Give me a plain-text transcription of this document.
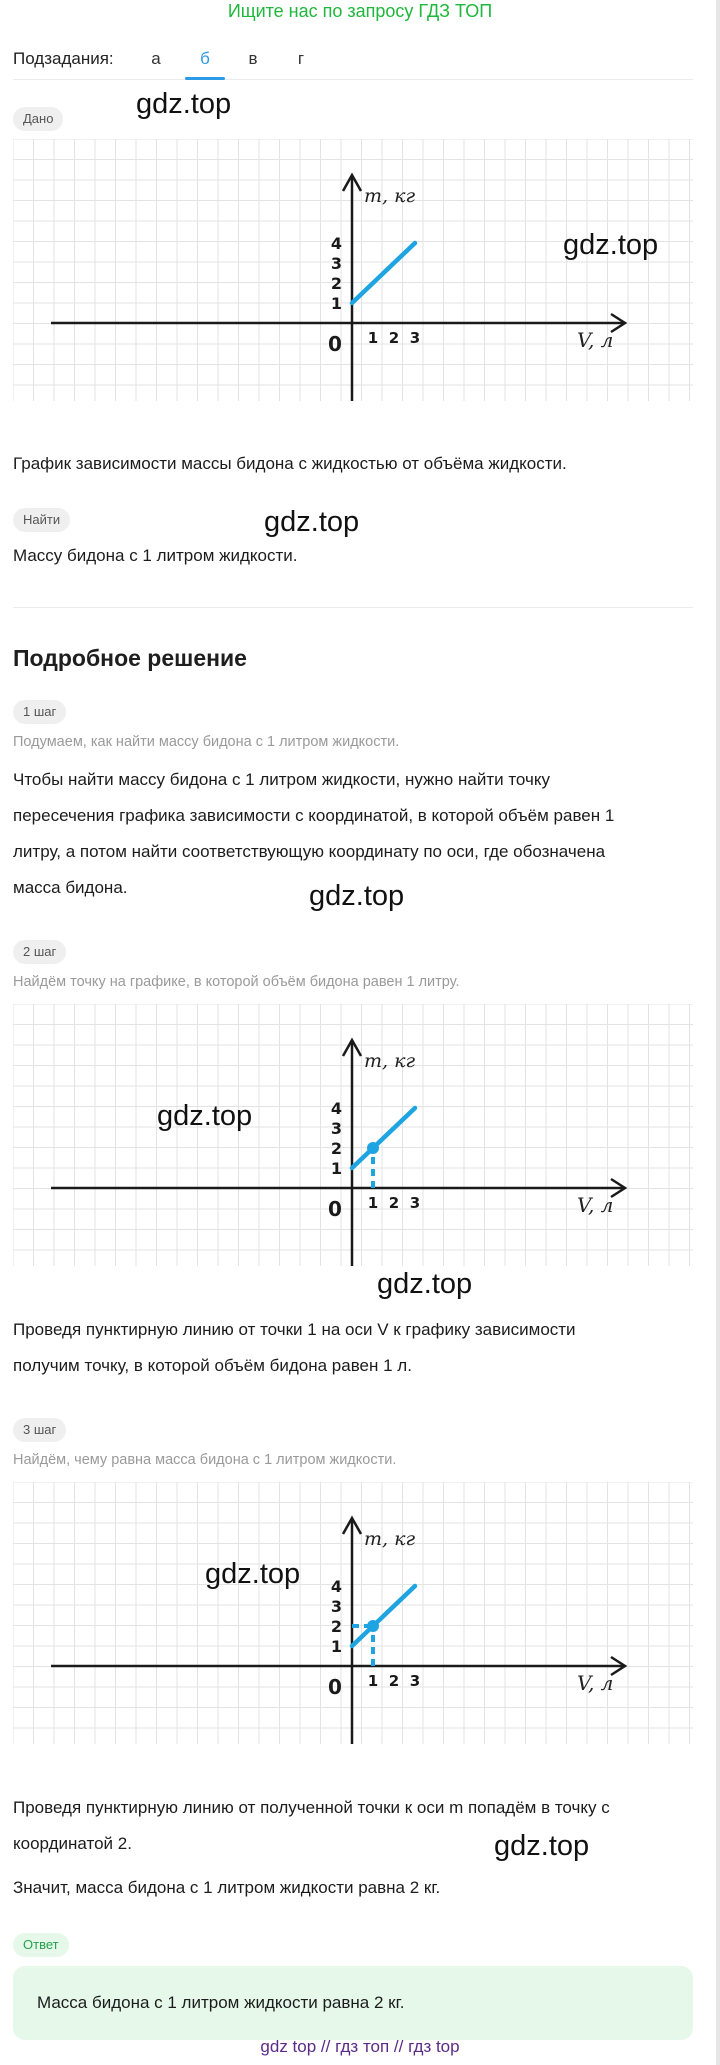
Ищите нас по запросу ГДЗ ТОП
Подзадания:	а	б	в	г
Дано	gdz.top
m, кг
V, л
0 1 2 3
1
2
3
4	gdz.top
График зависимости массы бидона с жидкостью от объёма жидкости.
Найти	gdz.top
Массу бидона с 1 литром жидкости.
Подробное решение
1 шаг
Подумаем, как найти массу бидона с 1 литром жидкости.
Чтобы найти массу бидона с 1 литром жидкости, нужно найти точку
пересечения графика зависимости с координатой, в которой объём равен 1
литру, а потом найти соответствующую координату по оси, где обозначена
масса бидона.	gdz.top
2 шаг
Найдём точку на графике, в которой объём бидона равен 1 литру.
m, кг
V, л
0 1 2 3
1
2
3
4
gdz.top
gdz.top
Проведя пунктирную линию от точки 1 на оси V к графику зависимости
получим точку, в которой объём бидона равен 1 л.
3 шаг
Найдём, чему равна масса бидона с 1 литром жидкости.
m, кг
V, л
0 1 2 3
1
2
3
4
gdz.top
Проведя пунктирную линию от полученной точки к оси m попадём в точку с
координатой 2.	gdz.top
Значит, масса бидона с 1 литром жидкости равна 2 кг.
Ответ
Масса бидона с 1 литром жидкости равна 2 кг.
gdz top // гдз топ // гдз top
